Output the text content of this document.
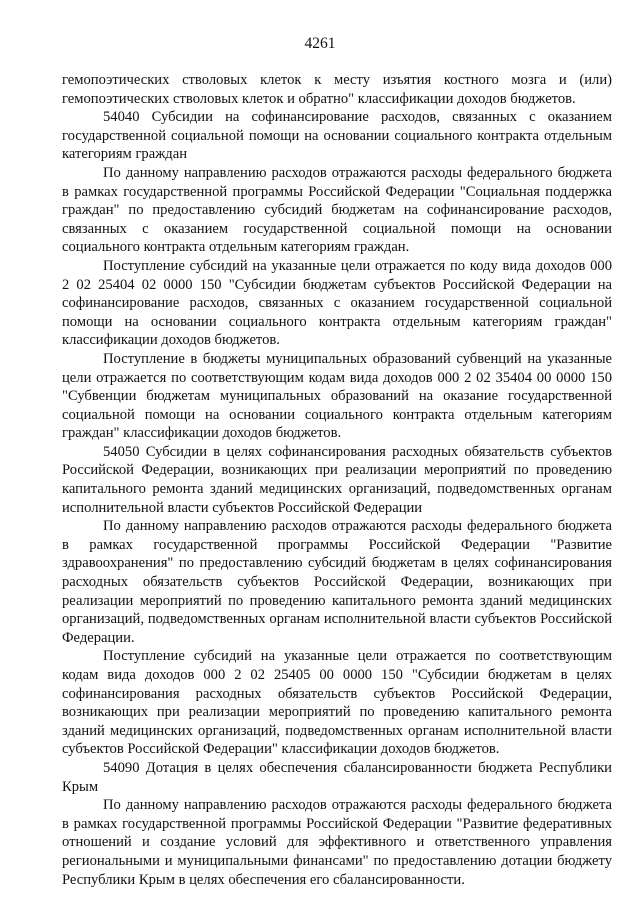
4261

гемопоэтических стволовых клеток к месту изъятия костного мозга и (или) гемопоэтических стволовых клеток и обратно" классификации доходов бюджетов.

54040 Субсидии на софинансирование расходов, связанных с оказанием государственной социальной помощи на основании социального контракта отдельным категориям граждан

По данному направлению расходов отражаются расходы федерального бюджета в рамках государственной программы Российской Федерации "Социальная поддержка граждан" по предоставлению субсидий бюджетам на софинансирование расходов, связанных с оказанием государственной социальной помощи на основании социального контракта отдельным категориям граждан.

Поступление субсидий на указанные цели отражается по коду вида доходов 000 2 02 25404 02 0000 150 "Субсидии бюджетам субъектов Российской Федерации на софинансирование расходов, связанных с оказанием государственной социальной помощи на основании социального контракта отдельным категориям граждан" классификации доходов бюджетов.

Поступление в бюджеты муниципальных образований субвенций на указанные цели отражается по соответствующим кодам вида доходов 000 2 02 35404 00 0000 150 "Субвенции бюджетам муниципальных образований на оказание государственной социальной помощи на основании социального контракта отдельным категориям граждан" классификации доходов бюджетов.

54050 Субсидии в целях софинансирования расходных обязательств субъектов Российской Федерации, возникающих при реализации мероприятий по проведению капитального ремонта зданий медицинских организаций, подведомственных органам исполнительной власти субъектов Российской Федерации

По данному направлению расходов отражаются расходы федерального бюджета в рамках государственной программы Российской Федерации "Развитие здравоохранения" по предоставлению субсидий бюджетам в целях софинансирования расходных обязательств субъектов Российской Федерации, возникающих при реализации мероприятий по проведению капитального ремонта зданий медицинских организаций, подведомственных органам исполнительной власти субъектов Российской Федерации.

Поступление субсидий на указанные цели отражается по соответствующим кодам вида доходов 000 2 02 25405 00 0000 150 "Субсидии бюджетам в целях софинансирования расходных обязательств субъектов Российской Федерации, возникающих при реализации мероприятий по проведению капитального ремонта зданий медицинских организаций, подведомственных органам исполнительной власти субъектов Российской Федерации" классификации доходов бюджетов.

54090 Дотация в целях обеспечения сбалансированности бюджета Республики Крым

По данному направлению расходов отражаются расходы федерального бюджета в рамках государственной программы Российской Федерации "Развитие федеративных отношений и создание условий для эффективного и ответственного управления региональными и муниципальными финансами" по предоставлению дотации бюджету Республики Крым в целях обеспечения его сбалансированности.
